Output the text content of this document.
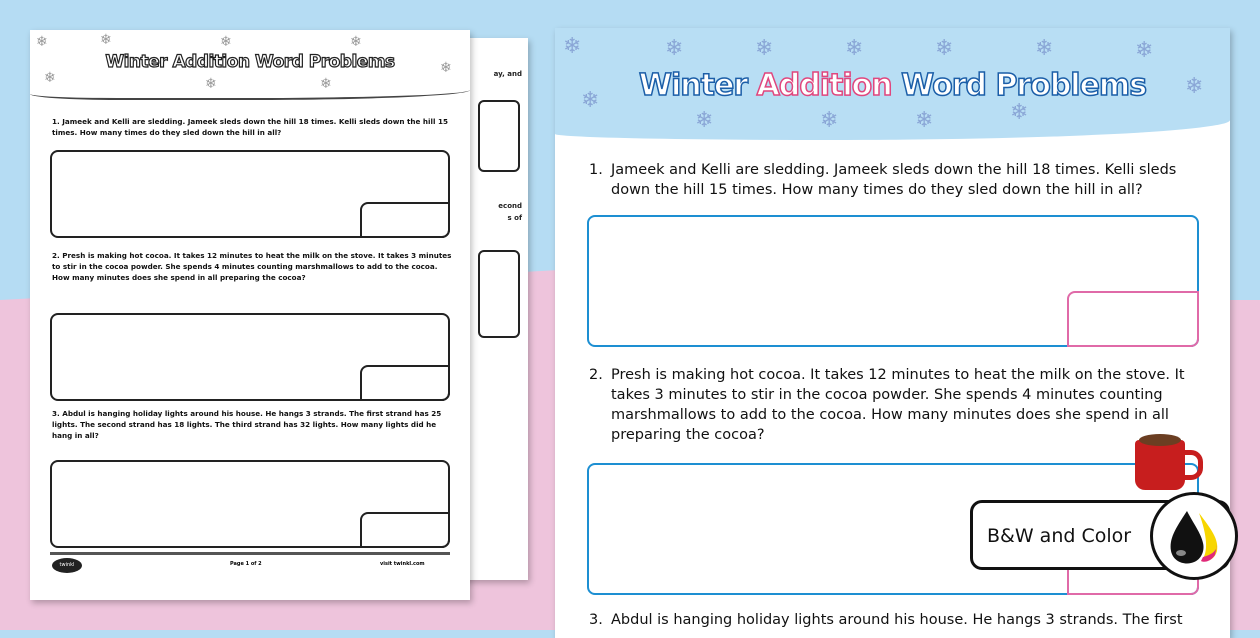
ay, and
econd
s of
❄	❄	❄	❄
❄
❄	❄	❄
Winter Addition Word Problems
1. Jameek and Kelli are sledding. Jameek sleds down the hill 18 times. Kelli sleds down the hill 15 times. How many times do they sled down the hill in all?
2. Presh is making hot cocoa. It takes 12 minutes to heat the milk on the stove. It takes 3 minutes to stir in the cocoa powder. She spends 4 minutes counting marshmallows to add to the cocoa. How many minutes does she spend in all preparing the cocoa?
3. Abdul is hanging holiday lights around his house. He hangs 3 strands. The first strand has 25 lights. The second strand has 18 lights. The third strand has 32 lights. How many lights did he hang in all?
twinkl	Page 1 of 2	visit twinkl.com
❄	❄	❄	❄	❄	❄	❄
❄
❄
❄	❄	❄	❄
Winter Addition Word Problems
1. Jameek and Kelli are sledding. Jameek sleds down the hill 18 times. Kelli sleds down the hill 15 times. How many times do they sled down the hill in all?
2. Presh is making hot cocoa. It takes 12 minutes to heat the milk on the stove. It takes 3 minutes to stir in the cocoa powder. She spends 4 minutes counting marshmallows to add to the cocoa. How many minutes does she spend in all preparing the cocoa?
3. Abdul is hanging holiday lights around his house. He hangs 3 strands. The first
B&W and Color
